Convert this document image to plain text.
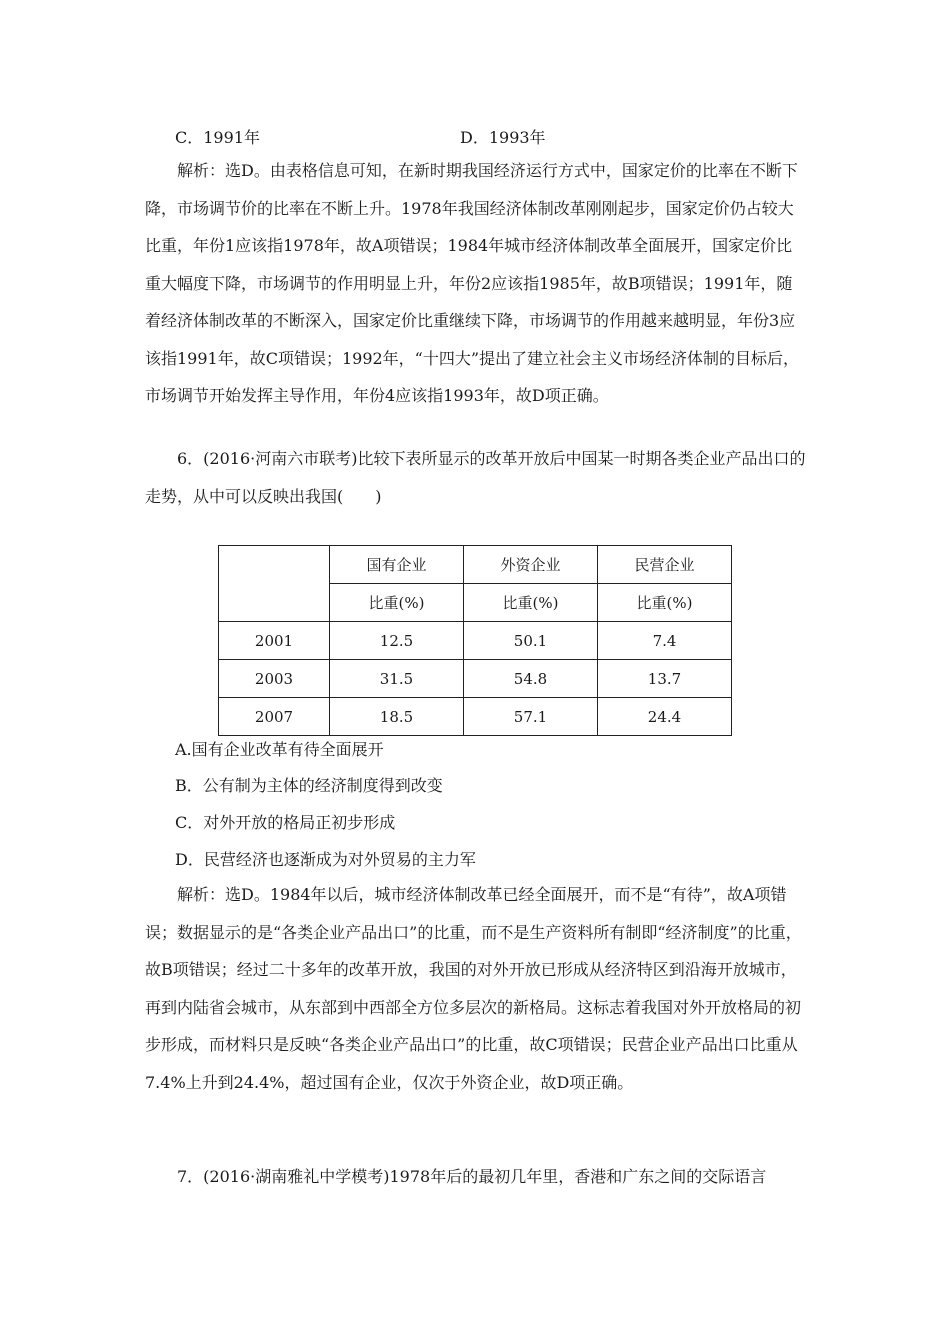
C．1991年	D．1993年
解析：选D。由表格信息可知，在新时期我国经济运行方式中，国家定价的比率在不断下降，市场调节价的比率在不断上升。1978年我国经济体制改革刚刚起步，国家定价仍占较大比重，年份1应该指1978年，故A项错误；1984年城市经济体制改革全面展开，国家定价比重大幅度下降，市场调节的作用明显上升，年份2应该指1985年，故B项错误；1991年，随着经济体制改革的不断深入，国家定价比重继续下降，市场调节的作用越来越明显，年份3应该指1991年，故C项错误；1992年，“十四大”提出了建立社会主义市场经济体制的目标后，市场调节开始发挥主导作用，年份4应该指1993年，故D项正确。
6．(2016·河南六市联考)比较下表所显示的改革开放后中国某一时期各类企业产品出口的走势，从中可以反映出我国(　　)
	国有企业	外资企业	民营企业
	比重(%)	比重(%)	比重(%)
2001	12.5	50.1	7.4
2003	31.5	54.8	13.7
2007	18.5	57.1	24.4
A.国有企业改革有待全面展开
B．公有制为主体的经济制度得到改变
C．对外开放的格局正初步形成
D．民营经济也逐渐成为对外贸易的主力军
解析：选D。1984年以后，城市经济体制改革已经全面展开，而不是“有待”，故A项错误；数据显示的是“各类企业产品出口”的比重，而不是生产资料所有制即“经济制度”的比重，故B项错误；经过二十多年的改革开放，我国的对外开放已形成从经济特区到沿海开放城市，再到内陆省会城市，从东部到中西部全方位多层次的新格局。这标志着我国对外开放格局的初步形成，而材料只是反映“各类企业产品出口”的比重，故C项错误；民营企业产品出口比重从7.4%上升到24.4%，超过国有企业，仅次于外资企业，故D项正确。
7．(2016·湖南雅礼中学模考)1978年后的最初几年里，香港和广东之间的交际语言
